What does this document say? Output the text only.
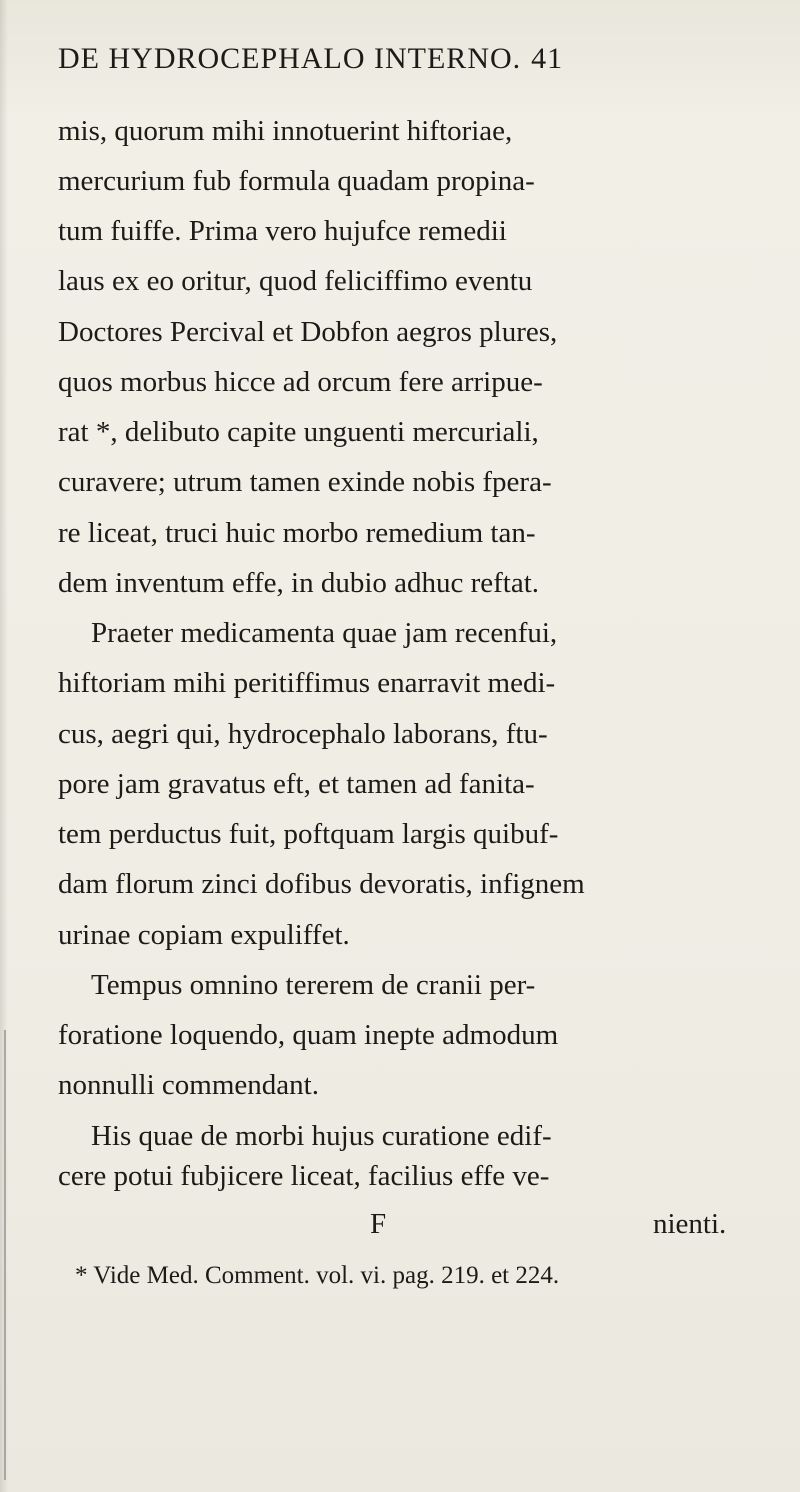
DE HYDROCEPHALO INTERNO. 41
mis, quorum mihi innotuerint hiftoriae,
mercurium fub formula quadam propina-
tum fuiffe. Prima vero hujufce remedii
laus ex eo oritur, quod feliciffimo eventu
Doctores Percival et Dobfon aegros plures,
quos morbus hicce ad orcum fere arripue-
rat *, delibuto capite unguenti mercuriali,
curavere; utrum tamen exinde nobis fpera-
re liceat, truci huic morbo remedium tan-
dem inventum effe, in dubio adhuc reftat.
Praeter medicamenta quae jam recenfui,
hiftoriam mihi peritiffimus enarravit medi-
cus, aegri qui, hydrocephalo laborans, ftu-
pore jam gravatus eft, et tamen ad fanita-
tem perductus fuit, poftquam largis quibuf-
dam florum zinci dofibus devoratis, infignem
urinae copiam expuliffet.
Tempus omnino tererem de cranii per-
foratione loquendo, quam inepte admodum
nonnulli commendant.
His quae de morbi hujus curatione edif-
cere potui fubjicere liceat, facilius effe ve-
F	nienti.
* Vide Med. Comment. vol. vi. pag. 219. et 224.
